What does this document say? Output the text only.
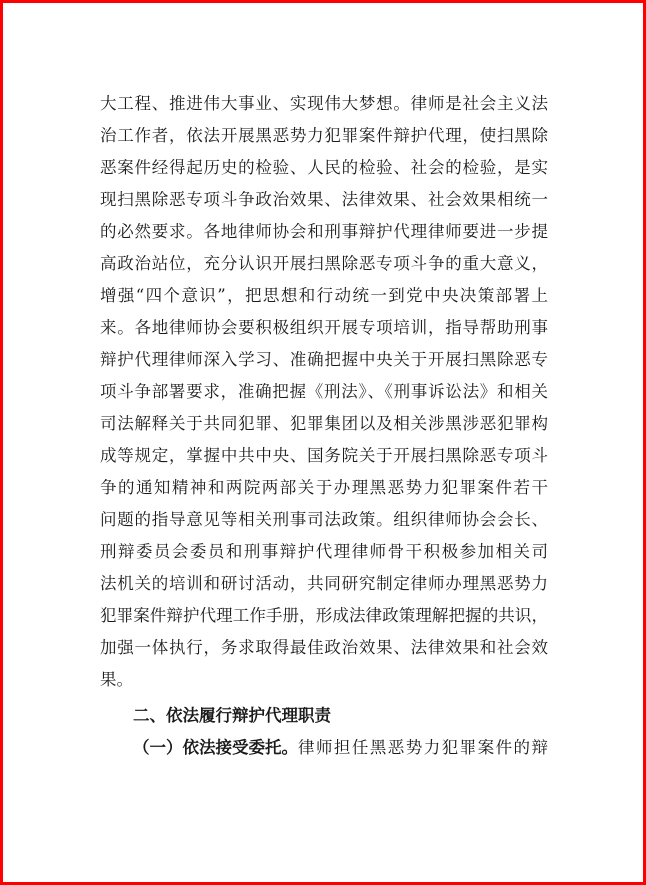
大工程、推进伟大事业、实现伟大梦想。律师是社会主义法
治工作者，依法开展黑恶势力犯罪案件辩护代理，使扫黑除
恶案件经得起历史的检验、人民的检验、社会的检验，是实
现扫黑除恶专项斗争政治效果、法律效果、社会效果相统一
的必然要求。各地律师协会和刑事辩护代理律师要进一步提
高政治站位，充分认识开展扫黑除恶专项斗争的重大意义，
增强“四个意识”，把思想和行动统一到党中央决策部署上
来。各地律师协会要积极组织开展专项培训，指导帮助刑事
辩护代理律师深入学习、准确把握中央关于开展扫黑除恶专
项斗争部署要求，准确把握《刑法》、《刑事诉讼法》和相关
司法解释关于共同犯罪、犯罪集团以及相关涉黑涉恶犯罪构
成等规定，掌握中共中央、国务院关于开展扫黑除恶专项斗
争的通知精神和两院两部关于办理黑恶势力犯罪案件若干
问题的指导意见等相关刑事司法政策。组织律师协会会长、
刑辩委员会委员和刑事辩护代理律师骨干积极参加相关司
法机关的培训和研讨活动，共同研究制定律师办理黑恶势力
犯罪案件辩护代理工作手册，形成法律政策理解把握的共识，
加强一体执行，务求取得最佳政治效果、法律效果和社会效
果。
二、依法履行辩护代理职责
（一）依法接受委托。 律师担任黑恶势力犯罪案件的辩
